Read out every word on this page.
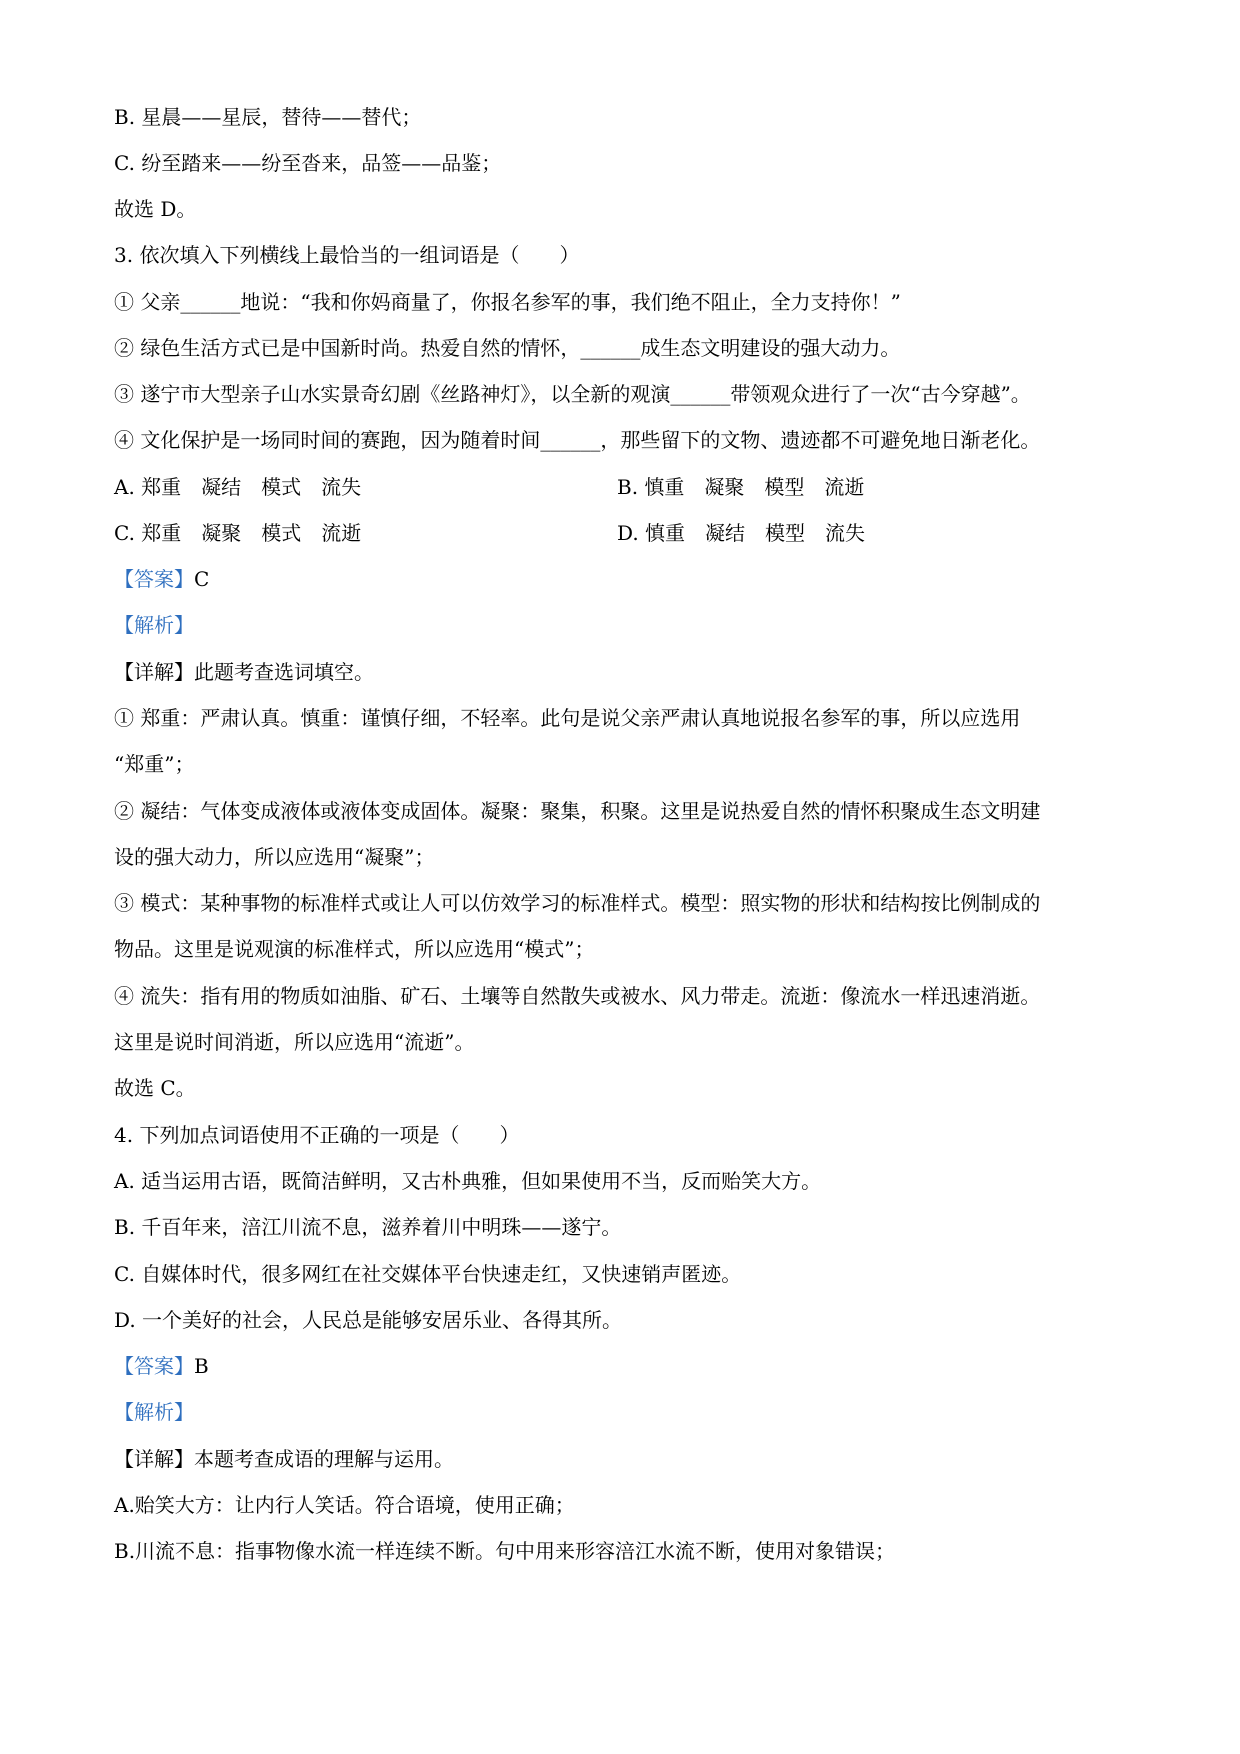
B. 星晨——星辰，替待——替代；

C. 纷至踏来——纷至沓来，品签——品鉴；

故选 D。

3. 依次填入下列横线上最恰当的一组词语是（　　）

① 父亲______地说：“我和你妈商量了，你报名参军的事，我们绝不阻止，全力支持你！”

② 绿色生活方式已是中国新时尚。热爱自然的情怀，______成生态文明建设的强大动力。

③ 遂宁市大型亲子山水实景奇幻剧《丝路神灯》，以全新的观演______带领观众进行了一次“古今穿越”。

④ 文化保护是一场同时间的赛跑，因为随着时间______，那些留下的文物、遗迹都不可避免地日渐老化。

A. 郑重　凝结　模式　流失	B. 慎重　凝聚　模型　流逝

C. 郑重　凝聚　模式　流逝	D. 慎重　凝结　模型　流失

【答案】C

【解析】

【详解】此题考查选词填空。

① 郑重：严肃认真。慎重：谨慎仔细，不轻率。此句是说父亲严肃认真地说报名参军的事，所以应选用

“郑重”；

② 凝结：气体变成液体或液体变成固体。凝聚：聚集，积聚。这里是说热爱自然的情怀积聚成生态文明建

设的强大动力，所以应选用“凝聚”；

③ 模式：某种事物的标准样式或让人可以仿效学习的标准样式。模型：照实物的形状和结构按比例制成的

物品。这里是说观演的标准样式，所以应选用“模式”；

④ 流失：指有用的物质如油脂、矿石、土壤等自然散失或被水、风力带走。流逝：像流水一样迅速消逝。

这里是说时间消逝，所以应选用“流逝”。

故选 C。

4. 下列加点词语使用不正确的一项是（　　）

A. 适当运用古语，既简洁鲜明，又古朴典雅，但如果使用不当，反而贻笑大方。

B. 千百年来，涪江川流不息，滋养着川中明珠——遂宁。

C. 自媒体时代，很多网红在社交媒体平台快速走红，又快速销声匿迹。

D. 一个美好的社会，人民总是能够安居乐业、各得其所。

【答案】B

【解析】

【详解】本题考查成语的理解与运用。

A.贻笑大方：让内行人笑话。符合语境，使用正确；

B.川流不息：指事物像水流一样连续不断。句中用来形容涪江水流不断，使用对象错误；
